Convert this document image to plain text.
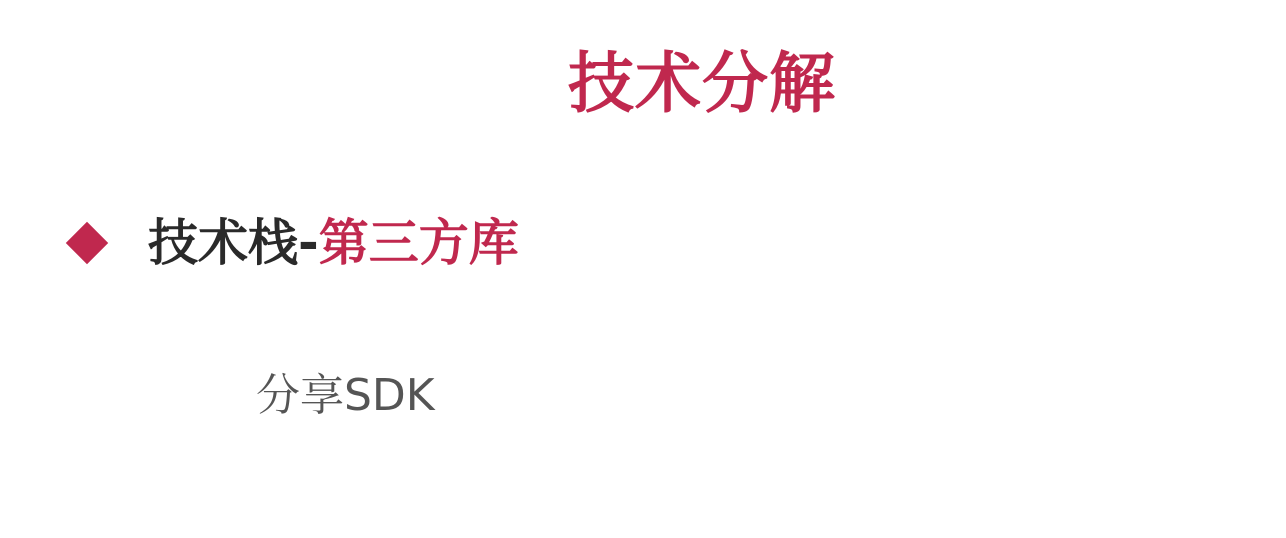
技术分解
技术栈-第三方库
分享SDK
